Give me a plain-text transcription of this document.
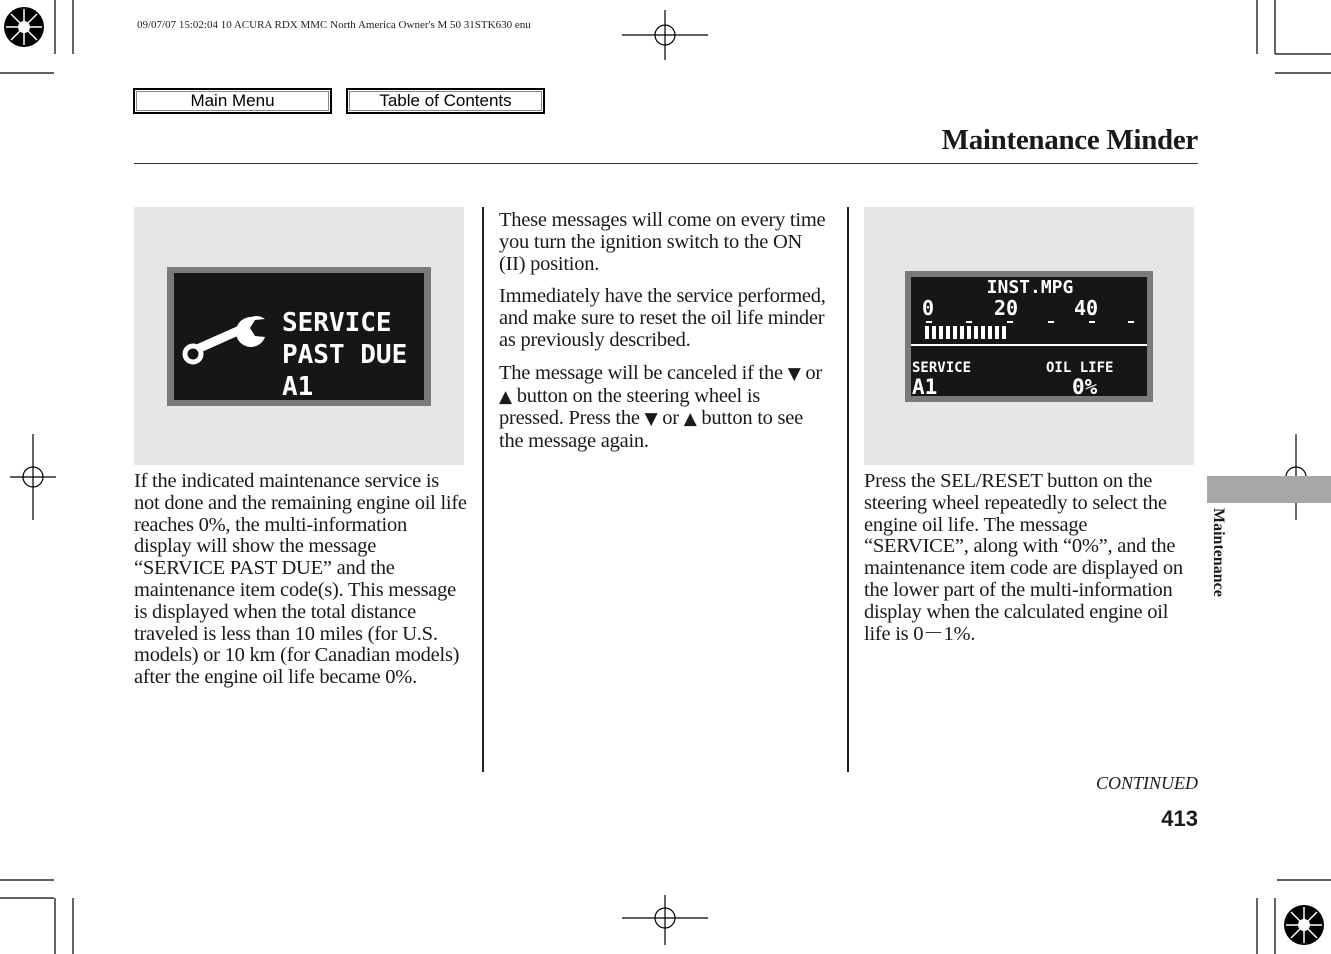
09/07/07 15:02:04 10 ACURA RDX MMC North America Owner's M 50 31STK630 enu
Main Menu	Table of Contents
Maintenance Minder
SERVICE
PAST DUE
A1
INST.MPG
0	20	40
SERVICE	OIL LIFE
A1	0%

If the indicated maintenance service is not done and the remaining engine oil life reaches 0%, the multi-information display will show the message “SERVICE PAST DUE” and the maintenance item code(s). This message is displayed when the total distance traveled is less than 10 miles (for U.S. models) or 10 km (for Canadian models) after the engine oil life became 0%.

These messages will come on every time you turn the ignition switch to the ON (II) position.

Immediately have the service performed, and make sure to reset the oil life minder as previously described.

The message will be canceled if the ▼ or ▲ button on the steering wheel is pressed. Press the ▼ or ▲ button to see the message again.

Press the SEL/RESET button on the steering wheel repeatedly to select the engine oil life. The message “SERVICE”, along with “0%”, and the maintenance item code are displayed on the lower part of the multi-information display when the calculated engine oil life is 0－1%.

CONTINUED
413
Maintenance
